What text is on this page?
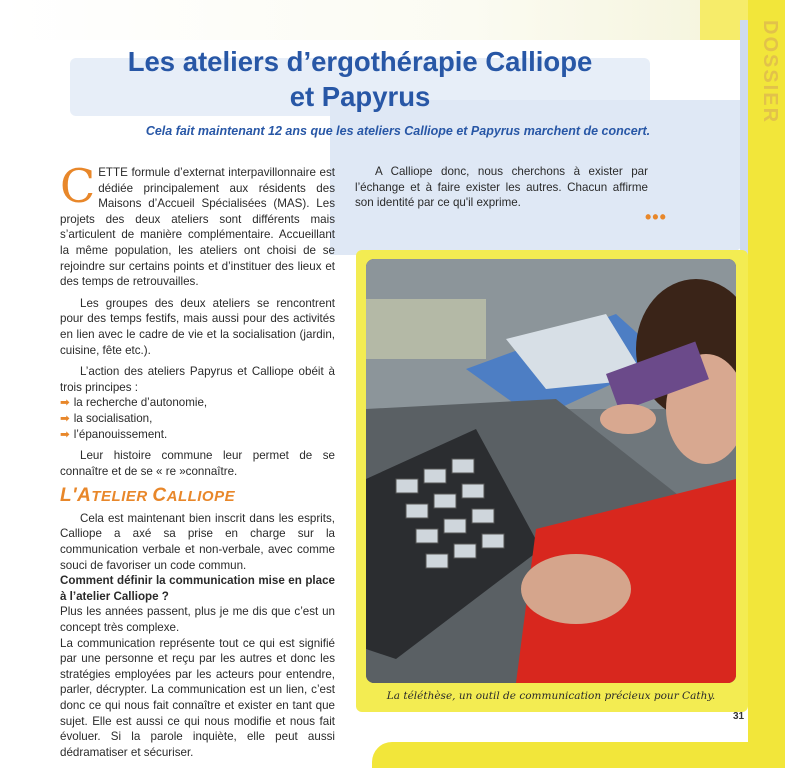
DOSSIER
Les ateliers d’ergothérapie Calliope
et Papyrus

Cela fait maintenant 12 ans que les ateliers Calliope et Papyrus marchent de concert.

CETTE formule d’externat interpavillonnaire est dédiée principalement aux résidents des Maisons d’Accueil Spécialisées (MAS). Les projets des deux ateliers sont différents mais s’articulent de manière complémentaire. Accueillant la même population, les ateliers ont choisi de se rejoindre sur certains points et d’instituer des lieux et des temps de retrouvailles.

Les groupes des deux ateliers se rencontrent pour des temps festifs, mais aussi pour des activités en lien avec le cadre de vie et la socialisation (jardin, cuisine, fête etc.).

L’action des ateliers Papyrus et Calliope obéit à trois principes :

➡ la recherche d’autonomie,

➡ la socialisation,

➡ l’épanouissement.

Leur histoire commune leur permet de se connaître et de se « re »connaître.

L'ATELIER CALLIOPE

Cela est maintenant bien inscrit dans les esprits, Calliope a axé sa prise en charge sur la communication verbale et non-verbale, avec comme souci de favoriser un code commun.

Comment définir la communication mise en place à l’atelier Calliope ?

Plus les années passent, plus je me dis que c’est un concept très complexe.

La communication représente tout ce qui est signifié par une personne et reçu par les autres et donc les stratégies employées par les acteurs pour entendre, parler, décrypter. La communication est un lien, c’est donc ce qui nous fait connaître et exister en tant que sujet. Elle est aussi ce qui nous modifie et nous fait évoluer. Si la parole inquiète, elle peut aussi dédramatiser et sécuriser.

A Calliope donc, nous cherchons à exister par l’échange et à faire exister les autres. Chacun affirme son identité par ce qu'il exprime.

•••
La téléthèse, un outil de communication précieux pour Cathy.
31
